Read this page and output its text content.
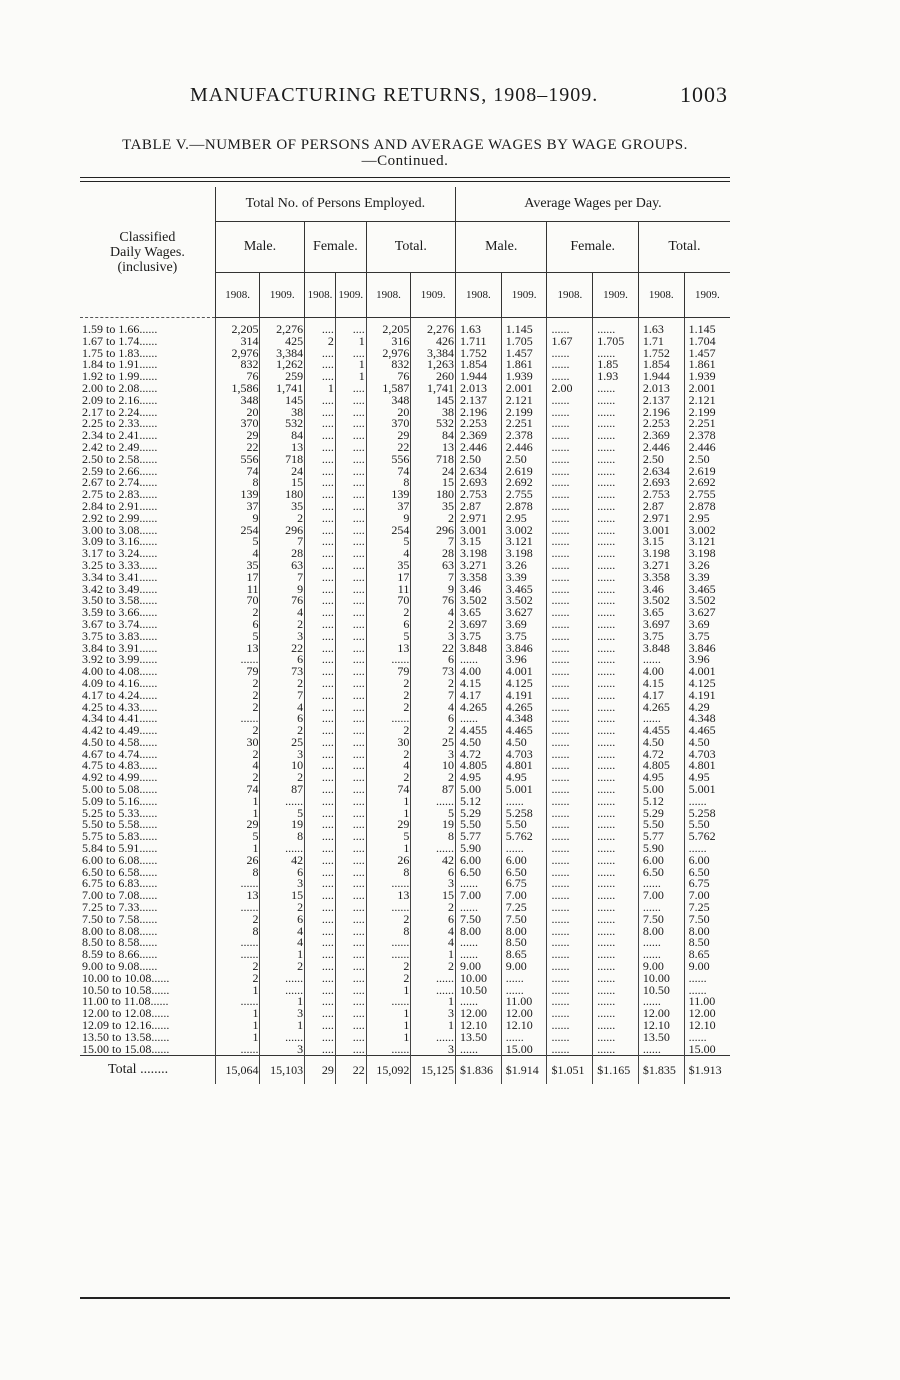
MANUFACTURING RETURNS, 1908–1909.	1003
TABLE V.—NUMBER OF PERSONS AND AVERAGE WAGES BY WAGE GROUPS.
—Continued.
Classified
Daily Wages.
(inclusive)	Total No. of Persons Employed.						Average Wages per Day.					
	Male.		Female.		Total.		Male.		Female.		Total.	
	1908.	1909.	1908.	1909.	1908.	1909.	1908.	1909.	1908.	1909.	1908.	1909.
1.59 to 1.66......	2,205	2,276	....	....	2,205	2,276	1.63	1.145	......	......	1.63	1.145
1.67 to 1.74......	314	425	2	1	316	426	1.711	1.705	1.67	1.705	1.71	1.704
1.75 to 1.83......	2,976	3,384	....	....	2,976	3,384	1.752	1.457	......	......	1.752	1.457
1.84 to 1.91......	832	1,262	....	1	832	1,263	1.854	1.861	......	1.85	1.854	1.861
1.92 to 1.99......	76	259	....	1	76	260	1.944	1.939	......	1.93	1.944	1.939
2.00 to 2.08......	1,586	1,741	1	....	1,587	1,741	2.013	2.001	2.00	......	2.013	2.001
2.09 to 2.16......	348	145	....	....	348	145	2.137	2.121	......	......	2.137	2.121
2.17 to 2.24......	20	38	....	....	20	38	2.196	2.199	......	......	2.196	2.199
2.25 to 2.33......	370	532	....	....	370	532	2.253	2.251	......	......	2.253	2.251
2.34 to 2.41......	29	84	....	....	29	84	2.369	2.378	......	......	2.369	2.378
2.42 to 2.49......	22	13	....	....	22	13	2.446	2.446	......	......	2.446	2.446
2.50 to 2.58......	556	718	....	....	556	718	2.50	2.50	......	......	2.50	2.50
2.59 to 2.66......	74	24	....	....	74	24	2.634	2.619	......	......	2.634	2.619
2.67 to 2.74......	8	15	....	....	8	15	2.693	2.692	......	......	2.693	2.692
2.75 to 2.83......	139	180	....	....	139	180	2.753	2.755	......	......	2.753	2.755
2.84 to 2.91......	37	35	....	....	37	35	2.87	2.878	......	......	2.87	2.878
2.92 to 2.99......	9	2	....	....	9	2	2.971	2.95	......	......	2.971	2.95
3.00 to 3.08......	254	296	....	....	254	296	3.001	3.002	......	......	3.001	3.002
3.09 to 3.16......	5	7	....	....	5	7	3.15	3.121	......	......	3.15	3.121
3.17 to 3.24......	4	28	....	....	4	28	3.198	3.198	......	......	3.198	3.198
3.25 to 3.33......	35	63	....	....	35	63	3.271	3.26	......	......	3.271	3.26
3.34 to 3.41......	17	7	....	....	17	7	3.358	3.39	......	......	3.358	3.39
3.42 to 3.49......	11	9	....	....	11	9	3.46	3.465	......	......	3.46	3.465
3.50 to 3.58......	70	76	....	....	70	76	3.502	3.502	......	......	3.502	3.502
3.59 to 3.66......	2	4	....	....	2	4	3.65	3.627	......	......	3.65	3.627
3.67 to 3.74......	6	2	....	....	6	2	3.697	3.69	......	......	3.697	3.69
3.75 to 3.83......	5	3	....	....	5	3	3.75	3.75	......	......	3.75	3.75
3.84 to 3.91......	13	22	....	....	13	22	3.848	3.846	......	......	3.848	3.846
3.92 to 3.99......	......	6	....	....	......	6	......	3.96	......	......	......	3.96
4.00 to 4.08......	79	73	....	....	79	73	4.00	4.001	......	......	4.00	4.001
4.09 to 4.16......	2	2	....	....	2	2	4.15	4.125	......	......	4.15	4.125
4.17 to 4.24......	2	7	....	....	2	7	4.17	4.191	......	......	4.17	4.191
4.25 to 4.33......	2	4	....	....	2	4	4.265	4.265	......	......	4.265	4.29
4.34 to 4.41......	......	6	....	....	......	6	......	4.348	......	......	......	4.348
4.42 to 4.49......	2	2	....	....	2	2	4.455	4.465	......	......	4.455	4.465
4.50 to 4.58......	30	25	....	....	30	25	4.50	4.50	......	......	4.50	4.50
4.67 to 4.74......	2	3	....	....	2	3	4.72	4.703	......	......	4.72	4.703
4.75 to 4.83......	4	10	....	....	4	10	4.805	4.801	......	......	4.805	4.801
4.92 to 4.99......	2	2	....	....	2	2	4.95	4.95	......	......	4.95	4.95
5.00 to 5.08......	74	87	....	....	74	87	5.00	5.001	......	......	5.00	5.001
5.09 to 5.16......	1	......	....	....	1	......	5.12	......	......	......	5.12	......
5.25 to 5.33......	1	5	....	....	1	5	5.29	5.258	......	......	5.29	5.258
5.50 to 5.58......	29	19	....	....	29	19	5.50	5.50	......	......	5.50	5.50
5.75 to 5.83......	5	8	....	....	5	8	5.77	5.762	......	......	5.77	5.762
5.84 to 5.91......	1	......	....	....	1	......	5.90	......	......	......	5.90	......
6.00 to 6.08......	26	42	....	....	26	42	6.00	6.00	......	......	6.00	6.00
6.50 to 6.58......	8	6	....	....	8	6	6.50	6.50	......	......	6.50	6.50
6.75 to 6.83......	......	3	....	....	......	3	......	6.75	......	......	......	6.75
7.00 to 7.08......	13	15	....	....	13	15	7.00	7.00	......	......	7.00	7.00
7.25 to 7.33......	......	2	....	....	......	2	......	7.25	......	......	......	7.25
7.50 to 7.58......	2	6	....	....	2	6	7.50	7.50	......	......	7.50	7.50
8.00 to 8.08......	8	4	....	....	8	4	8.00	8.00	......	......	8.00	8.00
8.50 to 8.58......	......	4	....	....	......	4	......	8.50	......	......	......	8.50
8.59 to 8.66......	......	1	....	....	......	1	......	8.65	......	......	......	8.65
9.00 to 9.08......	2	2	....	....	2	2	9.00	9.00	......	......	9.00	9.00
10.00 to 10.08......	2	......	....	....	2	......	10.00	......	......	......	10.00	......
10.50 to 10.58......	1	......	....	....	1	......	10.50	......	......	......	10.50	......
11.00 to 11.08......	......	1	....	....	......	1	......	11.00	......	......	......	11.00
12.00 to 12.08......	1	3	....	....	1	3	12.00	12.00	......	......	12.00	12.00
12.09 to 12.16......	1	1	....	....	1	1	12.10	12.10	......	......	12.10	12.10
13.50 to 13.58......	1	......	....	....	1	......	13.50	......	......	......	13.50	......
15.00 to 15.08......	......	3	....	....	......	3	......	15.00	......	......	......	15.00
Total ........	15,064	15,103	29	22	15,092	15,125	$1.836	$1.914	$1.051	$1.165	$1.835	$1.913
